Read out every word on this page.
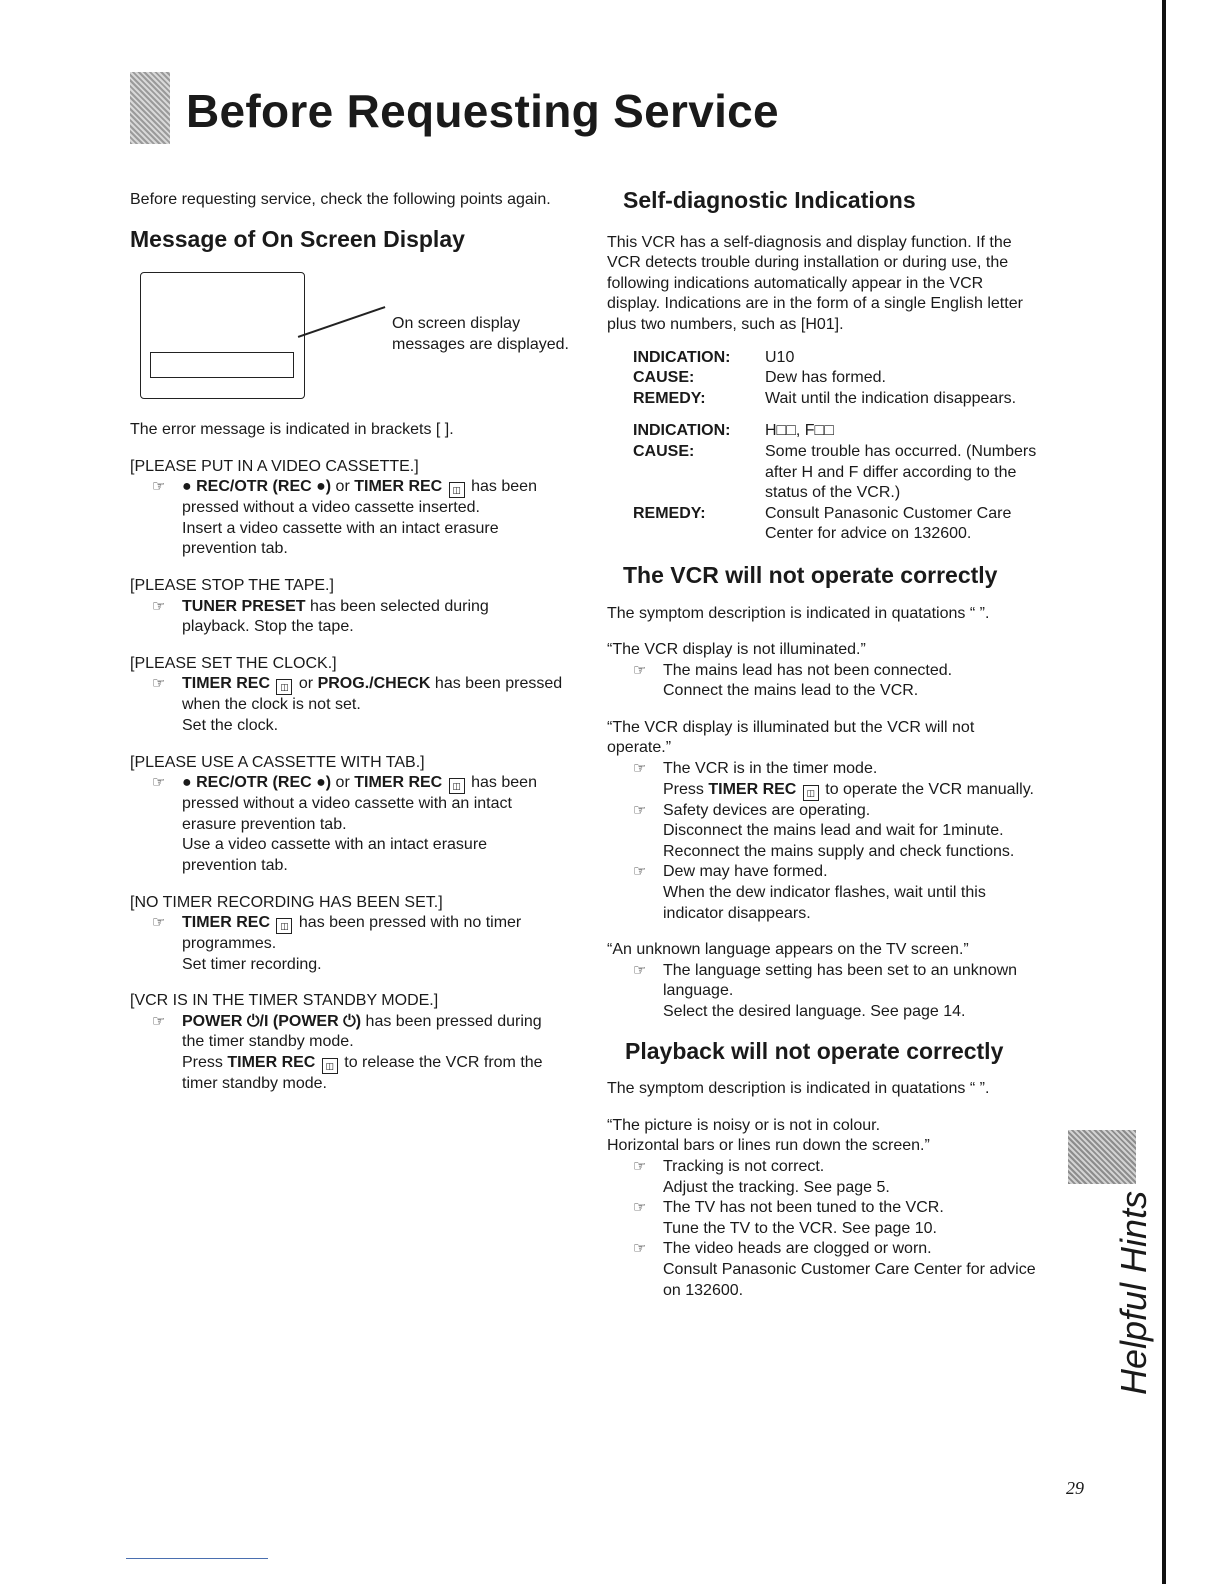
Before Requesting Service

Before requesting service, check the following points again.

Message of On Screen Display
On screen display
messages are displayed.

The error message is indicated in brackets [ ].

[PLEASE PUT IN A VIDEO CASSETTE.]
☞	● REC/OTR (REC ●) or TIMER REC ◫ has been
pressed without a video cassette inserted.
Insert a video cassette with an intact erasure
prevention tab.
[PLEASE STOP THE TAPE.]
☞	TUNER PRESET has been selected during
playback. Stop the tape.
[PLEASE SET THE CLOCK.]
☞	TIMER REC ◫ or PROG./CHECK has been pressed
when the clock is not set.
Set the clock.
[PLEASE USE A CASSETTE WITH TAB.]
☞	● REC/OTR (REC ●) or TIMER REC ◫ has been
pressed without a video cassette with an intact
erasure prevention tab.
Use a video cassette with an intact erasure
prevention tab.
[NO TIMER RECORDING HAS BEEN SET.]
☞	TIMER REC ◫ has been pressed with no timer
programmes.
Set timer recording.
[VCR IS IN THE TIMER STANDBY MODE.]
☞	POWER ⏻/I (POWER ⏻) has been pressed during
the timer standby mode.
Press TIMER REC ◫ to release the VCR from the
timer standby mode.
Self-diagnostic Indications
This VCR has a self-diagnosis and display function. If the
VCR detects trouble during installation or during use, the
following indications automatically appear in the VCR
display. Indications are in the form of a single English letter
plus two numbers, such as [H01].
INDICATION:	U10
CAUSE:	Dew has formed.
REMEDY:	Wait until the indication disappears.
INDICATION:	H□□, F□□
CAUSE:	Some trouble has occurred. (Numbers
after H and F differ according to the
status of the VCR.)
REMEDY:	Consult Panasonic Customer Care
Center for advice on 132600.
The VCR will not operate correctly

The symptom description is indicated in quatations “ ”.

“The VCR display is not illuminated.”
☞	The mains lead has not been connected.
Connect the mains lead to the VCR.
“The VCR display is illuminated but the VCR will not
operate.”
☞	The VCR is in the timer mode.
Press TIMER REC ◫ to operate the VCR manually.
☞	Safety devices are operating.
Disconnect the mains lead and wait for 1minute.
Reconnect the mains supply and check functions.
☞	Dew may have formed.
When the dew indicator flashes, wait until this
indicator disappears.
“An unknown language appears on the TV screen.”
☞	The language setting has been set to an unknown
language.
Select the desired language. See page 14.
Playback will not operate correctly

The symptom description is indicated in quatations “ ”.

“The picture is noisy or is not in colour.
Horizontal bars or lines run down the screen.”
☞	Tracking is not correct.
Adjust the tracking. See page 5.
☞	The TV has not been tuned to the VCR.
Tune the TV to the VCR. See page 10.
☞	The video heads are clogged or worn.
Consult Panasonic Customer Care Center for advice
on 132600.	Helpful Hints
29
